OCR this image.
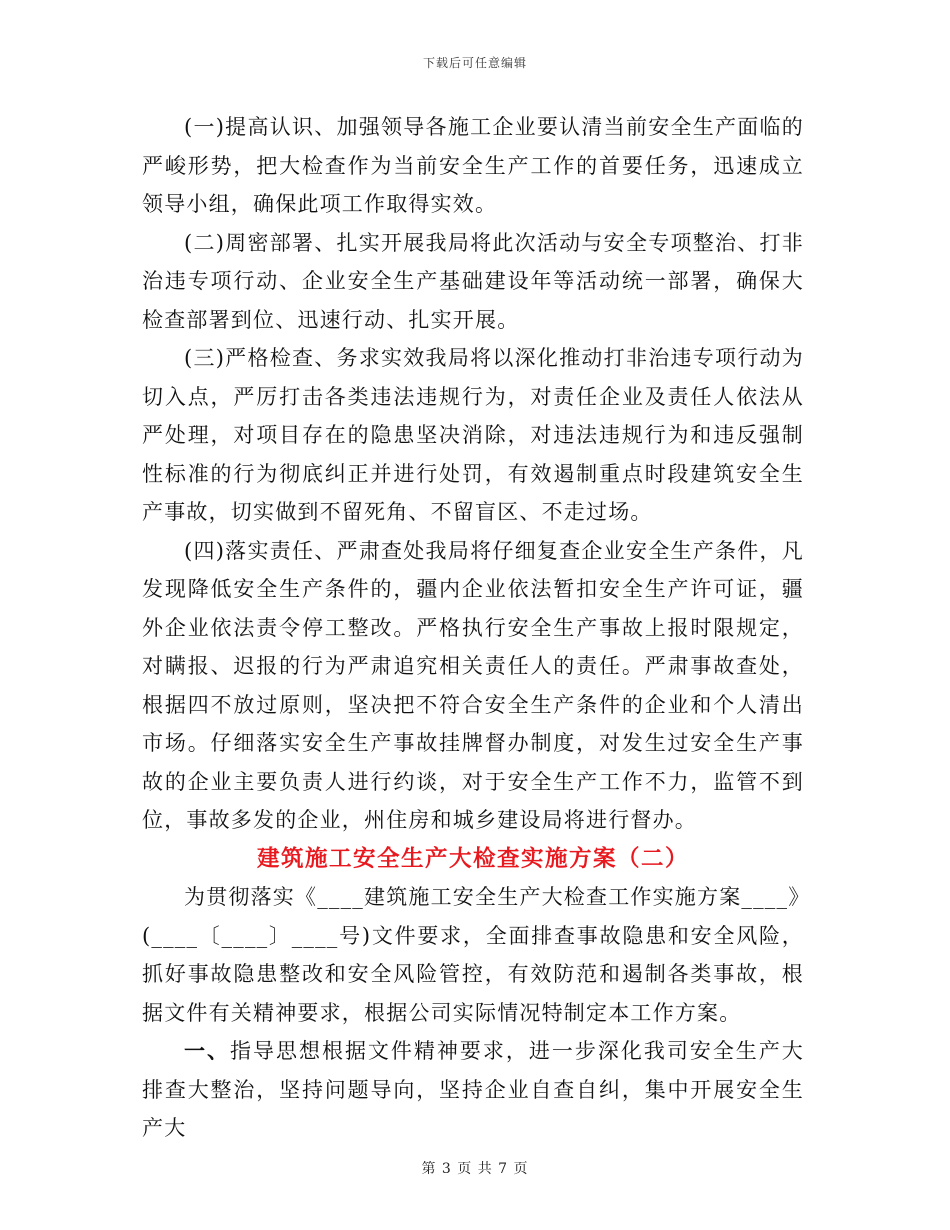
下载后可任意编辑

(一)提高认识、加强领导各施工企业要认清当前安全生产面临的严峻形势，把大检查作为当前安全生产工作的首要任务，迅速成立领导小组，确保此项工作取得实效。

(二)周密部署、扎实开展我局将此次活动与安全专项整治、打非治违专项行动、企业安全生产基础建设年等活动统一部署，确保大检查部署到位、迅速行动、扎实开展。

(三)严格检查、务求实效我局将以深化推动打非治违专项行动为切入点，严厉打击各类违法违规行为，对责任企业及责任人依法从严处理，对项目存在的隐患坚决消除，对违法违规行为和违反强制性标准的行为彻底纠正并进行处罚，有效遏制重点时段建筑安全生产事故，切实做到不留死角、不留盲区、不走过场。

(四)落实责任、严肃查处我局将仔细复查企业安全生产条件，凡发现降低安全生产条件的，疆内企业依法暂扣安全生产许可证，疆外企业依法责令停工整改。严格执行安全生产事故上报时限规定，对瞒报、迟报的行为严肃追究相关责任人的责任。严肃事故查处，根据四不放过原则，坚决把不符合安全生产条件的企业和个人清出市场。仔细落实安全生产事故挂牌督办制度，对发生过安全生产事故的企业主要负责人进行约谈，对于安全生产工作不力，监管不到位，事故多发的企业，州住房和城乡建设局将进行督办。

建筑施工安全生产大检查实施方案（二）

为贯彻落实《____建筑施工安全生产大检查工作实施方案____》

(____〔____〕____号)文件要求，全面排查事故隐患和安全风险，抓好事故隐患整改和安全风险管控，有效防范和遏制各类事故，根据文件有关精神要求，根据公司实际情况特制定本工作方案。

一、指导思想根据文件精神要求，进一步深化我司安全生产大排查大整治，坚持问题导向，坚持企业自查自纠，集中开展安全生产大

第 3 页 共 7 页
